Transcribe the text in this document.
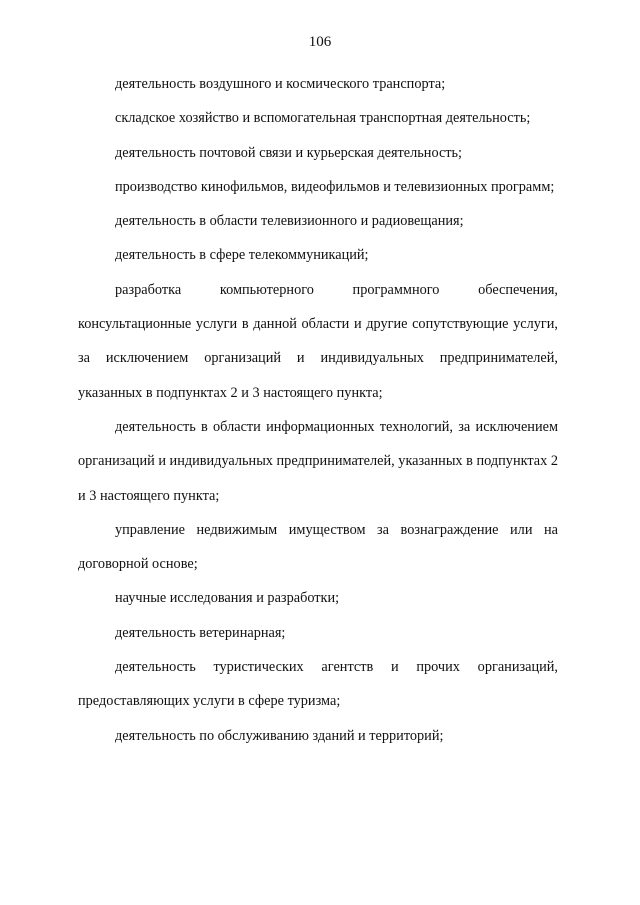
106

деятельность воздушного и космического транспорта;

складское хозяйство и вспомогательная транспортная деятельность;

деятельность почтовой связи и курьерская деятельность;

производство кинофильмов, видеофильмов и телевизионных программ;

деятельность в области телевизионного и радиовещания;

деятельность в сфере телекоммуникаций;

разработка компьютерного программного обеспечения, консультационные услуги в данной области и другие сопутствующие услуги, за исключением организаций и индивидуальных предпринимателей, указанных в подпунктах 2 и 3 настоящего пункта;

деятельность в области информационных технологий, за исключением организаций и индивидуальных предпринимателей, указанных в подпунктах 2 и 3 настоящего пункта;

управление недвижимым имуществом за вознаграждение или на договорной основе;

научные исследования и разработки;

деятельность ветеринарная;

деятельность туристических агентств и прочих организаций, предоставляющих услуги в сфере туризма;

деятельность по обслуживанию зданий и территорий;
